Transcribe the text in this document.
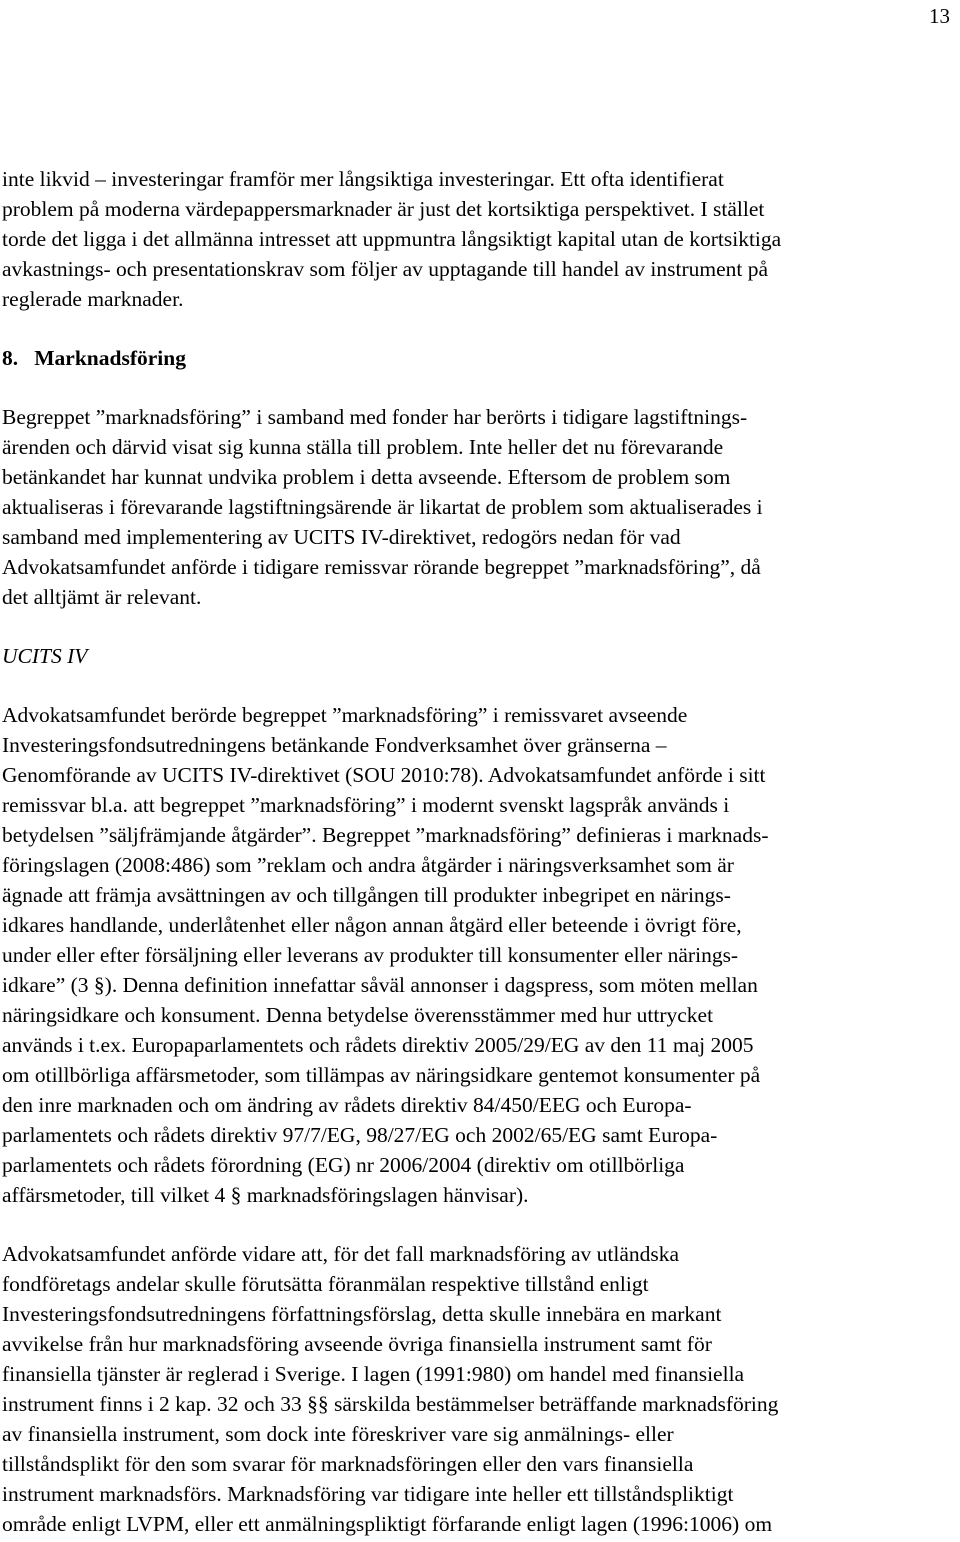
13
inte likvid – investeringar framför mer långsiktiga investeringar. Ett ofta identifierat
problem på moderna värdepappersmarknader är just det kortsiktiga perspektivet. I stället
torde det ligga i det allmänna intresset att uppmuntra långsiktigt kapital utan de kortsiktiga
avkastnings- och presentationskrav som följer av upptagande till handel av instrument på
reglerade marknader.
8.   Marknadsföring
Begreppet ”marknadsföring” i samband med fonder har berörts i tidigare lagstiftnings-
ärenden och därvid visat sig kunna ställa till problem. Inte heller det nu förevarande
betänkandet har kunnat undvika problem i detta avseende. Eftersom de problem som
aktualiseras i förevarande lagstiftningsärende är likartat de problem som aktualiserades i
samband med implementering av UCITS IV-direktivet, redogörs nedan för vad
Advokatsamfundet anförde i tidigare remissvar rörande begreppet ”marknadsföring”, då
det alltjämt är relevant.
UCITS IV
Advokatsamfundet berörde begreppet ”marknadsföring” i remissvaret avseende
Investeringsfondsutredningens betänkande Fondverksamhet över gränserna –
Genomförande av UCITS IV-direktivet (SOU 2010:78). Advokatsamfundet anförde i sitt
remissvar bl.a. att begreppet ”marknadsföring” i modernt svenskt lagspråk används i
betydelsen ”säljfrämjande åtgärder”. Begreppet ”marknadsföring” definieras i marknads-
föringslagen (2008:486) som ”reklam och andra åtgärder i näringsverksamhet som är
ägnade att främja avsättningen av och tillgången till produkter inbegripet en närings-
idkares handlande, underlåtenhet eller någon annan åtgärd eller beteende i övrigt före,
under eller efter försäljning eller leverans av produkter till konsumenter eller närings-
idkare” (3 §). Denna definition innefattar såväl annonser i dagspress, som möten mellan
näringsidkare och konsument. Denna betydelse överensstämmer med hur uttrycket
används i t.ex. Europaparlamentets och rådets direktiv 2005/29/EG av den 11 maj 2005
om otillbörliga affärsmetoder, som tillämpas av näringsidkare gentemot konsumenter på
den inre marknaden och om ändring av rådets direktiv 84/450/EEG och Europa-
parlamentets och rådets direktiv 97/7/EG, 98/27/EG och 2002/65/EG samt Europa-
parlamentets och rådets förordning (EG) nr 2006/2004 (direktiv om otillbörliga
affärsmetoder, till vilket 4 § marknadsföringslagen hänvisar).
Advokatsamfundet anförde vidare att, för det fall marknadsföring av utländska
fondföretags andelar skulle förutsätta föranmälan respektive tillstånd enligt
Investeringsfondsutredningens författningsförslag, detta skulle innebära en markant
avvikelse från hur marknadsföring avseende övriga finansiella instrument samt för
finansiella tjänster är reglerad i Sverige. I lagen (1991:980) om handel med finansiella
instrument finns i 2 kap. 32 och 33 §§ särskilda bestämmelser beträffande marknadsföring
av finansiella instrument, som dock inte föreskriver vare sig anmälnings- eller
tillståndsplikt för den som svarar för marknadsföringen eller den vars finansiella
instrument marknadsförs. Marknadsföring var tidigare inte heller ett tillståndspliktigt
område enligt LVPM, eller ett anmälningspliktigt förfarande enligt lagen (1996:1006) om
